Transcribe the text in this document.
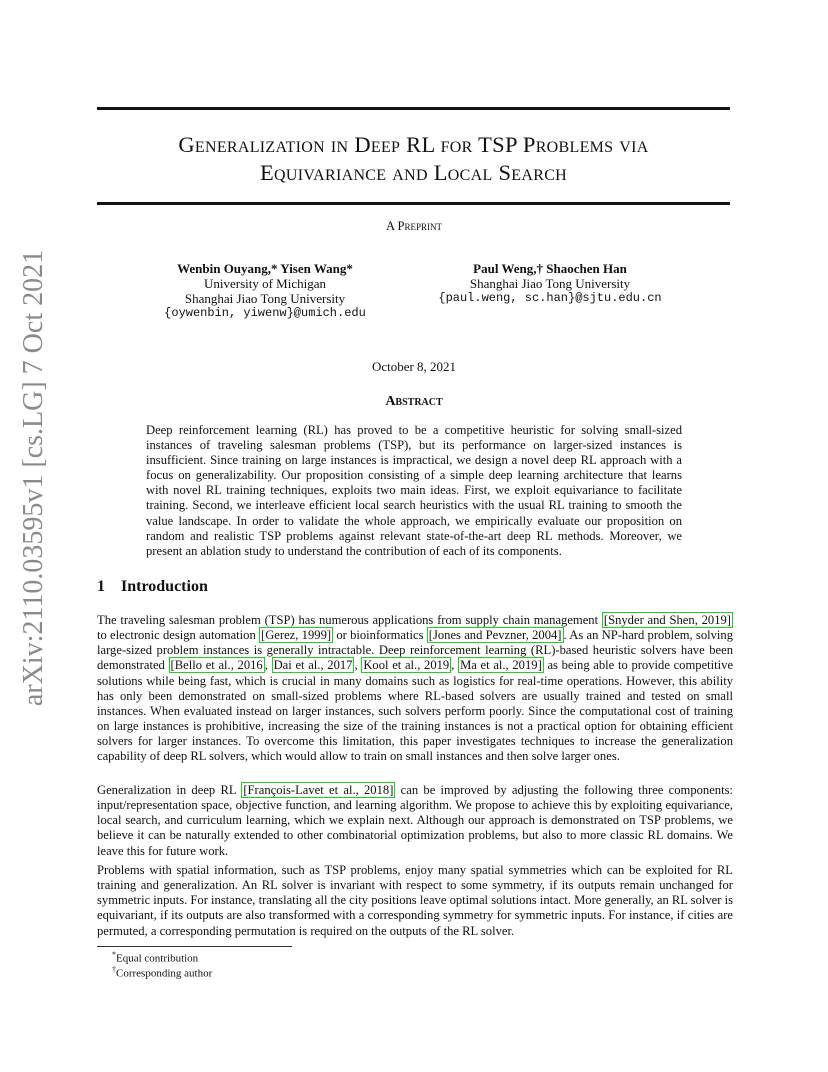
arXiv:2110.03595v1 [cs.LG] 7 Oct 2021
Generalization in Deep RL for TSP Problems via
Equivariance and Local Search
A Preprint
Wenbin Ouyang,* Yisen Wang*
University of Michigan
Shanghai Jiao Tong University
{oywenbin, yiwenw}@umich.edu
Paul Weng,† Shaochen Han
Shanghai Jiao Tong University
{paul.weng, sc.han}@sjtu.edu.cn
October 8, 2021
Abstract
Deep reinforcement learning (RL) has proved to be a competitive heuristic for solving small-sized instances of traveling salesman problems (TSP), but its performance on larger-sized instances is insufficient. Since training on large instances is impractical, we design a novel deep RL approach with a focus on generalizability. Our proposition consisting of a simple deep learning architecture that learns with novel RL training techniques, exploits two main ideas. First, we exploit equivariance to facilitate training. Second, we interleave efficient local search heuristics with the usual RL training to smooth the value landscape. In order to validate the whole approach, we empirically evaluate our proposition on random and realistic TSP problems against relevant state-of-the-art deep RL methods. Moreover, we present an ablation study to understand the contribution of each of its components.
1 Introduction
The traveling salesman problem (TSP) has numerous applications from supply chain management [Snyder and Shen, 2019] to electronic design automation [Gerez, 1999] or bioinformatics [Jones and Pevzner, 2004] . As an NP-hard problem, solving large-sized problem instances is generally intractable. Deep reinforcement learning (RL)-based heuristic solvers have been demonstrated [Bello et al., 2016 , Dai et al., 2017 , Kool et al., 2019 , Ma et al., 2019] as being able to provide competitive solutions while being fast, which is crucial in many domains such as logistics for real-time operations. However, this ability has only been demonstrated on small-sized problems where RL-based solvers are usually trained and tested on small instances. When evaluated instead on larger instances, such solvers perform poorly. Since the computational cost of training on large instances is prohibitive, increasing the size of the training instances is not a practical option for obtaining efficient solvers for larger instances. To overcome this limitation, this paper investigates techniques to increase the generalization capability of deep RL solvers, which would allow to train on small instances and then solve larger ones.
Generalization in deep RL [François-Lavet et al., 2018] can be improved by adjusting the following three components: input/representation space, objective function, and learning algorithm. We propose to achieve this by exploiting equivariance, local search, and curriculum learning, which we explain next. Although our approach is demonstrated on TSP problems, we believe it can be naturally extended to other combinatorial optimization problems, but also to more classic RL domains. We leave this for future work.
Problems with spatial information, such as TSP problems, enjoy many spatial symmetries which can be exploited for RL training and generalization. An RL solver is invariant with respect to some symmetry, if its outputs remain unchanged for symmetric inputs. For instance, translating all the city positions leave optimal solutions intact. More generally, an RL solver is equivariant, if its outputs are also transformed with a corresponding symmetry for symmetric inputs. For instance, if cities are permuted, a corresponding permutation is required on the outputs of the RL solver.
*Equal contribution
†Corresponding author
